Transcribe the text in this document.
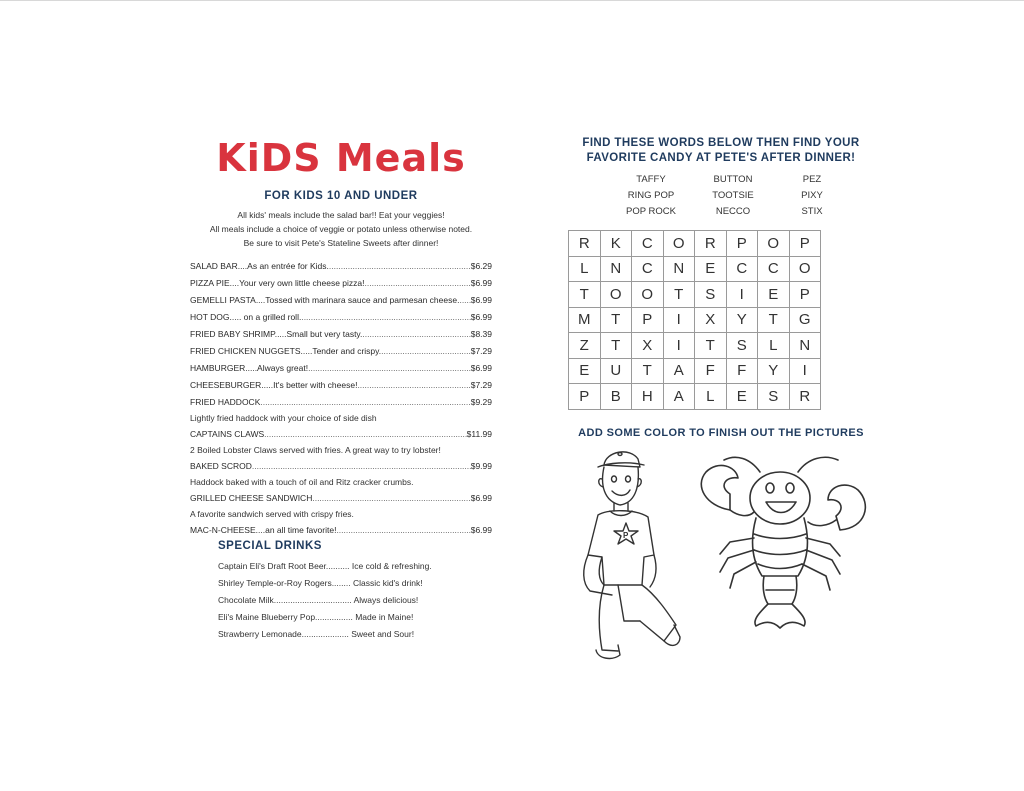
KiDS Meals
FOR KIDS 10 AND UNDER
All kids' meals include the salad bar!! Eat your veggies!
All meals include a choice of veggie or potato unless otherwise noted.
Be sure to visit Pete's Stateline Sweets after dinner!
SALAD BAR....As an entrée for Kids. .....	$6.29
PIZZA PIE....Your very own little cheese pizza! .....	$6.99
GEMELLI PASTA....Tossed with marinara sauce and parmesan cheese. ..... $6.99
HOT DOG..... on a grilled roll. .....	$6.99
FRIED BABY SHRIMP.....Small but very tasty. .....	$8.39
FRIED CHICKEN NUGGETS.....Tender and crispy. .....	$7.29
HAMBURGER.....Always great! .....	$6.99
CHEESEBURGER.....It's better with cheese! .....	$7.29
FRIED HADDOCK .....	$9.29
Lightly fried haddock with your choice of side dish
CAPTAINS CLAWS .....	$11.99
2 Boiled Lobster Claws served with fries. A great way to try lobster!
BAKED SCROD .....	$9.99
Haddock baked with a touch of oil and Ritz cracker crumbs.
GRILLED CHEESE SANDWICH .....	$6.99
A favorite sandwich served with crispy fries.
MAC-N-CHEESE....an all time favorite! .....	$6.99
SPECIAL DRINKS
Captain Eli's Draft Root Beer.......... Ice cold & refreshing.
Shirley Temple-or-Roy Rogers........ Classic kid's drink!
Chocolate Milk................................. Always delicious!
Eli's Maine Blueberry Pop................ Made in Maine!
Strawberry Lemonade.................... Sweet and Sour!
FIND THESE WORDS BELOW THEN FIND YOUR
FAVORITE CANDY AT PETE'S AFTER DINNER!
TAFFY	BUTTON	PEZ
RING POP	TOOTSIE	PIXY
POP ROCK	NECCO	STIX
R	K	C	O	R	P	O	P
L	N	C	N	E	C	C	O
T	O	O	T	S	I	E	P
M	T	P	I	X	Y	T	G
Z	T	X	I	T	S	L	N
E	U	T	A	F	F	Y	I
P	B	H	A	L	E	S	R
ADD SOME COLOR TO FINISH OUT THE PICTURES
P
